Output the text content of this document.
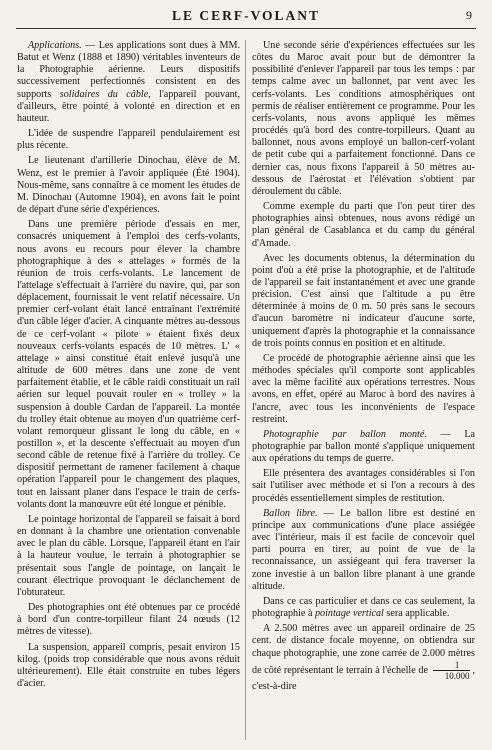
LE CERF-VOLANT	9

Applications. — Les applications sont dues à MM. Batut et Wenz (1888 et 1890) véritables inventeurs de la Photographie aérienne. Leurs dispositifs successivement perfectionnés consistent en des supports solidaires du câble, l'appareil pouvant, d'ailleurs, être pointé à volonté en direction et en hauteur.

L'idée de suspendre l'appareil pendulairement est plus récente.

Le lieutenant d'artillerie Dinochau, élève de M. Wenz, est le premier à l'avoir appliquée (Été 1904). Nous-même, sans connaître à ce moment les études de M. Dinochau (Automne 1904), en avons fait le point de départ d'une série d'expériences.

Dans une première période d'essais en mer, consacrés uniquement à l'emploi des cerfs-volants, nous avons eu recours pour élever la chambre photographique à des « attelages » formés de la réunion de trois cerfs-volants. Le lancement de l'attelage s'effectuait à l'arrière du navire, qui, par son déplacement, fournissait le vent relatif nécessaire. Un premier cerf-volant était lancé entraînant l'extrémité d'un câble léger d'acier. A cinquante mètres au-dessous de ce cerf-volant « pilote » étaient fixés deux nouveaux cerfs-volants espacés de 10 mètres. L' « attelage » ainsi constitué était enlevé jusqu'à une altitude de 600 mètres dans une zone de vent parfaitement établie, et le câble raidi constituait un rail aérien sur lequel pouvait rouler en « trolley » la suspension à double Cardan de l'appareil. La montée du trolley était obtenue au moyen d'un quatrième cerf-volant remorqueur glissant le long du câble, en « postillon », et la descente s'effectuait au moyen d'un second câble de retenue fixé à l'arrière du trolley. Ce dispositif permettant de ramener facilement à chaque opération l'appareil pour le changement des plaques, tout en laissant planer dans l'espace le train de cerfs-volants dont la manœuvre eût été longue et pénible.

Le pointage horizontal de l'appareil se faisait à bord en donnant à la chambre une orientation convenable avec le plan du câble. Lorsque, l'appareil étant en l'air à la hauteur voulue, le terrain à photographier se présentait sous l'angle de pointage, on lançait le courant électrique provoquant le déclanchement de l'obturateur.

Des photographies ont été obtenues par ce procédé à bord d'un contre-torpilleur filant 24 nœuds (12 mètres de vitesse).

La suspension, appareil compris, pesait environ 15 kilog. (poids trop considérable que nous avons réduit ultérieurement). Elle était construite en tubes légers d'acier.

Une seconde série d'expériences effectuées sur les côtes du Maroc avait pour but de démontrer la possibilité d'enlever l'appareil par tous les temps : par temps calme avec un ballonnet, par vent avec les cerfs-volants. Les conditions atmosphériques ont permis de réaliser entièrement ce programme. Pour les cerfs-volants, nous avons appliqué les mêmes procédés qu'à bord des contre-torpilleurs. Quant au ballonnet, nous avons employé un ballon-cerf-volant de petit cube qui a parfaitement fonctionné. Dans ce dernier cas, nous fixons l'appareil à 50 mètres au-dessous de l'aérostat et l'élévation s'obtient par déroulement du câble.

Comme exemple du parti que l'on peut tirer des photographies ainsi obtenues, nous avons rédigé un plan général de Casablanca et du camp du général d'Amade.

Avec les documents obtenus, la détermination du point d'où a été prise la photographie, et de l'altitude de l'appareil se fait instantanément et avec une grande précision. C'est ainsi que l'altitude a pu être déterminée à moins de 0 m. 50 près sans le secours d'aucun baromètre ni indicateur d'aucune sorte, uniquement d'après la photographie et la connaissance de trois points connus en position et en altitude.

Ce procédé de photographie aérienne ainsi que les méthodes spéciales qu'il comporte sont applicables avec la même facilité aux opérations terrestres. Nous avons, en effet, opéré au Maroc à bord des navires à l'ancre, avec tous les inconvénients de l'espace restreint.

Photographie par ballon monté. — La photographie par ballon monté s'applique uniquement aux opérations du temps de guerre.

Elle présentera des avantages considérables si l'on sait l'utiliser avec méthode et si l'on a recours à des procédés essentiellement simples de restitution.

Ballon libre. — Le ballon libre est destiné en principe aux communications d'une place assiégée avec l'intérieur, mais il est facile de concevoir quel parti pourra en tirer, au point de vue de la reconnaissance, un assiégeant qui fera traverser la zone investie à un ballon libre planant à une grande altitude.

Dans ce cas particulier et dans ce cas seulement, la photographie à pointage vertical sera applicable.

A 2.500 mètres avec un appareil ordinaire de 25 cent. de distance focale moyenne, on obtiendra sur chaque photographie, une zone carrée de 2.000 mètres de côté représentant le terrain à l'échelle de $\frac{1}{10.000}$ , c'est-à-dire
